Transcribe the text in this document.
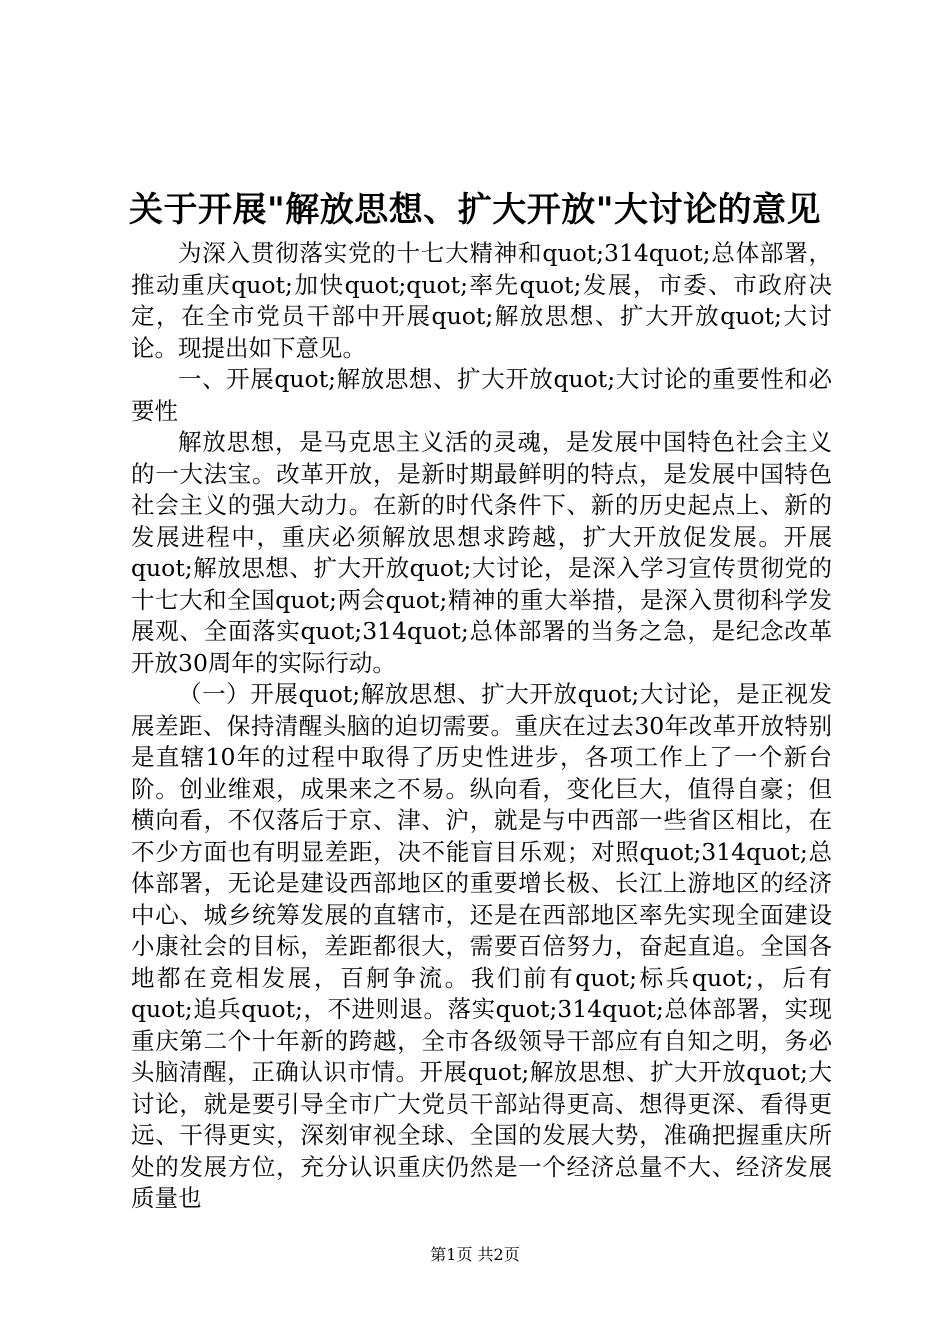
关于开展"解放思想、扩大开放"大讨论的意见

为深入贯彻落实党的十七大精神和quot;314quot;总体部署，推动重庆quot;加快quot;quot;率先quot;发展，市委、市政府决定，在全市党员干部中开展quot;解放思想、扩大开放quot;大讨论。现提出如下意见。

一、开展quot;解放思想、扩大开放quot;大讨论的重要性和必要性

解放思想，是马克思主义活的灵魂，是发展中国特色社会主义的一大法宝。改革开放，是新时期最鲜明的特点，是发展中国特色社会主义的强大动力。在新的时代条件下、新的历史起点上、新的发展进程中，重庆必须解放思想求跨越，扩大开放促发展。开展quot;解放思想、扩大开放quot;大讨论，是深入学习宣传贯彻党的十七大和全国quot;两会quot;精神的重大举措，是深入贯彻科学发展观、全面落实quot;314quot;总体部署的当务之急，是纪念改革开放30周年的实际行动。

（一）开展quot;解放思想、扩大开放quot;大讨论，是正视发展差距、保持清醒头脑的迫切需要。重庆在过去30年改革开放特别是直辖10年的过程中取得了历史性进步，各项工作上了一个新台阶。创业维艰，成果来之不易。纵向看，变化巨大，值得自豪；但横向看，不仅落后于京、津、沪，就是与中西部一些省区相比，在不少方面也有明显差距，决不能盲目乐观；对照quot;314quot;总体部署，无论是建设西部地区的重要增长极、长江上游地区的经济中心、城乡统筹发展的直辖市，还是在西部地区率先实现全面建设小康社会的目标，差距都很大，需要百倍努力，奋起直追。全国各地都在竞相发展，百舸争流。我们前有quot;标兵quot;，后有quot;追兵quot;，不进则退。落实quot;314quot;总体部署，实现重庆第二个十年新的跨越，全市各级领导干部应有自知之明，务必头脑清醒，正确认识市情。开展quot;解放思想、扩大开放quot;大讨论，就是要引导全市广大党员干部站得更高、想得更深、看得更远、干得更实，深刻审视全球、全国的发展大势，准确把握重庆所处的发展方位，充分认识重庆仍然是一个经济总量不大、经济发展质量也

第1页 共2页
